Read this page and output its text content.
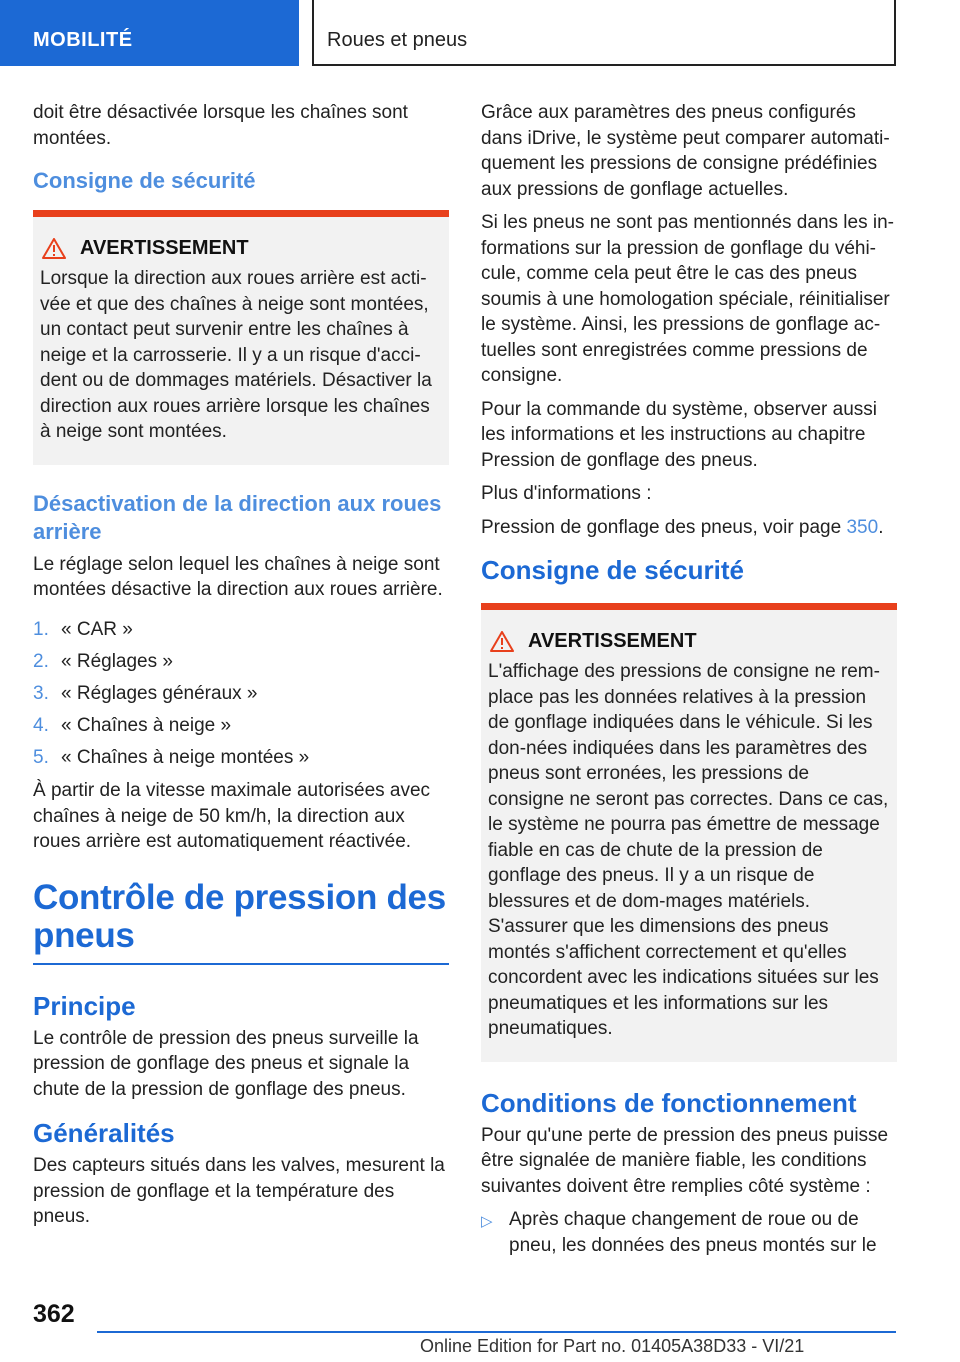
MOBILITÉ	Roues et pneus

doit être désactivée lorsque les chaînes sont montées.

Consigne de sécurité
AVERTISSEMENT
Lorsque la direction aux roues arrière est acti-vée et que des chaînes à neige sont montées, un contact peut survenir entre les chaînes à neige et la carrosserie. Il y a un risque d'acci-dent ou de dommages matériels. Désactiver la direction aux roues arrière lorsque les chaînes à neige sont montées.
Désactivation de la direction aux roues arrière

Le réglage selon lequel les chaînes à neige sont montées désactive la direction aux roues arrière.

1. « CAR »
2. « Réglages »
3. « Réglages généraux »
4. « Chaînes à neige »
5. « Chaînes à neige montées »

À partir de la vitesse maximale autorisées avec chaînes à neige de 50 km/h, la direction aux roues arrière est automatiquement réactivée.

Contrôle de pression des pneus
Principe

Le contrôle de pression des pneus surveille la pression de gonflage des pneus et signale la chute de la pression de gonflage des pneus.

Généralités

Des capteurs situés dans les valves, mesurent la pression de gonflage et la température des pneus.

Grâce aux paramètres des pneus configurés dans iDrive, le système peut comparer automati-quement les pressions de consigne prédéfinies aux pressions de gonflage actuelles.

Si les pneus ne sont pas mentionnés dans les in-formations sur la pression de gonflage du véhi-cule, comme cela peut être le cas des pneus soumis à une homologation spéciale, réinitialiser le système. Ainsi, les pressions de gonflage ac-tuelles sont enregistrées comme pressions de consigne.

Pour la commande du système, observer aussi les informations et les instructions au chapitre Pression de gonflage des pneus.

Plus d'informations :

Pression de gonflage des pneus, voir page 350.

Consigne de sécurité
AVERTISSEMENT
L'affichage des pressions de consigne ne rem-place pas les données relatives à la pression de gonflage indiquées dans le véhicule. Si les don-nées indiquées dans les paramètres des pneus sont erronées, les pressions de consigne ne seront pas correctes. Dans ce cas, le système ne pourra pas émettre de message fiable en cas de chute de la pression de gonflage des pneus. Il y a un risque de blessures et de dom-mages matériels. S'assurer que les dimensions des pneus montés s'affichent correctement et qu'elles concordent avec les indications situées sur les pneumatiques et les informations sur les pneumatiques.
Conditions de fonctionnement

Pour qu'une perte de pression des pneus puisse être signalée de manière fiable, les conditions suivantes doivent être remplies côté système :

▷ Après chaque changement de roue ou de pneu, les données des pneus montés sur le
362
Online Edition for Part no. 01405A38D33 - VI/21
